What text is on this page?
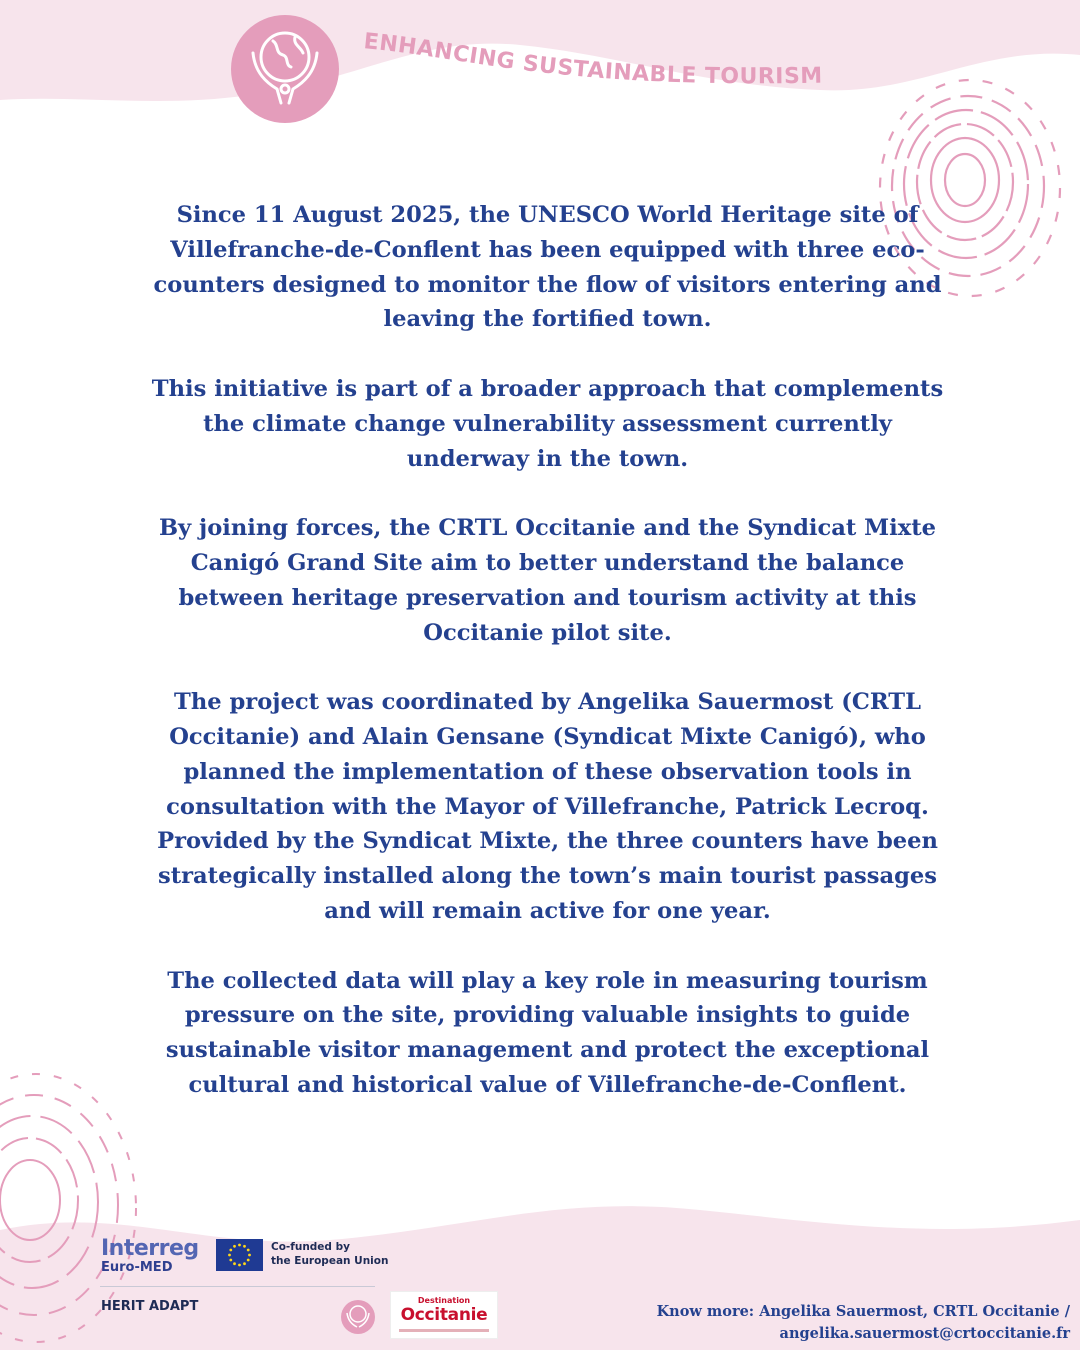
ENHANCING SUSTAINABLE TOURISM

Since 11 August 2025, the UNESCO World Heritage site of Villefranche-de-Conflent has been equipped with three eco-counters designed to monitor the flow of visitors entering and leaving the fortified town.

This initiative is part of a broader approach that complements the climate change vulnerability assessment currently underway in the town.

By joining forces, the CRTL Occitanie and the Syndicat Mixte Canigó Grand Site aim to better understand the balance between heritage preservation and tourism activity at this Occitanie pilot site.

The project was coordinated by Angelika Sauermost (CRTL Occitanie) and Alain Gensane (Syndicat Mixte Canigó), who planned the implementation of these observation tools in consultation with the Mayor of Villefranche, Patrick Lecroq. Provided by the Syndicat Mixte, the three counters have been strategically installed along the town’s main tourist passages and will remain active for one year.

The collected data will play a key role in measuring tourism pressure on the site, providing valuable insights to guide sustainable visitor management and protect the exceptional cultural and historical value of Villefranche-de-Conflent.

Interreg
Euro-MED
Co-funded by
the European Union
HERIT ADAPT	Destination
Occitanie	Know more: Angelika Sauermost, CRTL Occitanie /
angelika.sauermost@crtoccitanie.fr
